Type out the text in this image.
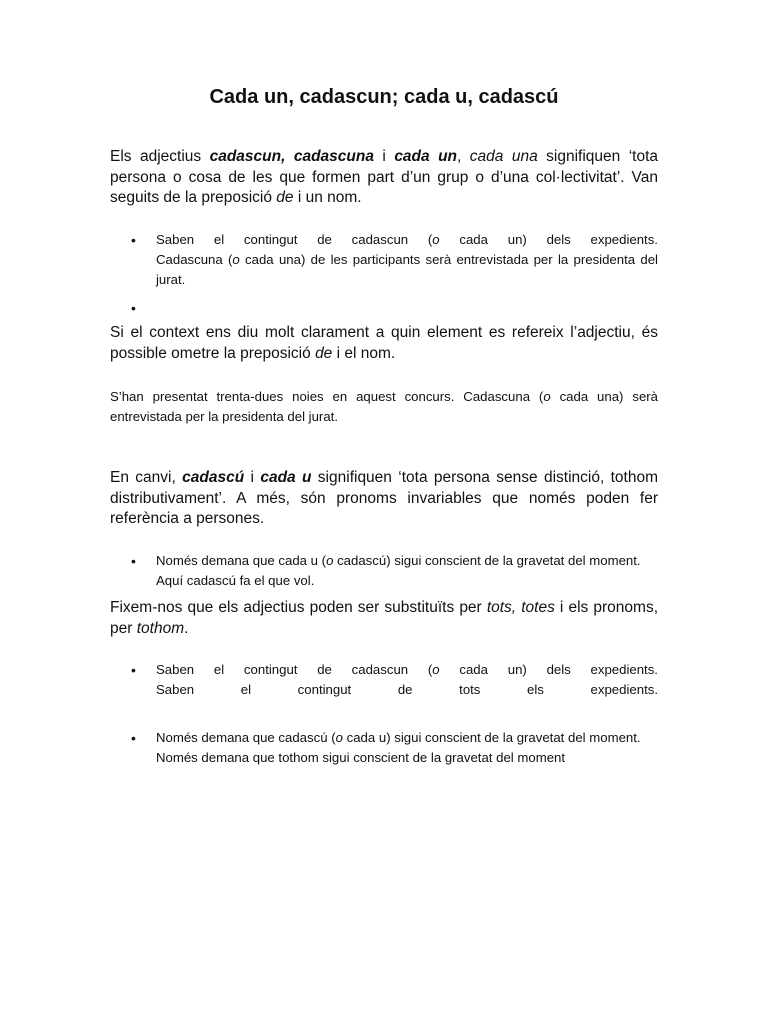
Cada un, cadascun; cada u, cadascú

Els adjectius cadascun, cadascuna i cada un, cada una signifiquen ‘tota persona o cosa de les que formen part d’un grup o d’una col·lectivitat’. Van seguits de la preposició de i un nom.

• Saben el contingut de cadascun (o cada un) dels expedients.
Cadascuna (o cada una) de les participants serà entrevistada per la presidenta del jurat.
•

Si el context ens diu molt clarament a quin element es refereix l’adjectiu, és possible ometre la preposició de i el nom.

S’han presentat trenta-dues noies en aquest concurs. Cadascuna (o cada una) serà entrevistada per la presidenta del jurat.

En canvi, cadascú i cada u signifiquen ‘tota persona sense distinció, tothom distributivament’. A més, són pronoms invariables que només poden fer referència a persones.

• Només demana que cada u (o cadascú) sigui conscient de la gravetat del moment.
Aquí cadascú fa el que vol.

Fixem-nos que els adjectius poden ser substituïts per tots, totes i els pronoms, per tothom.

• Saben el contingut de cadascun (o cada un) dels expedients.
Saben el contingut de tots els expedients.
• Només demana que cadascú (o cada u) sigui conscient de la gravetat del moment.
Només demana que tothom sigui conscient de la gravetat del moment
